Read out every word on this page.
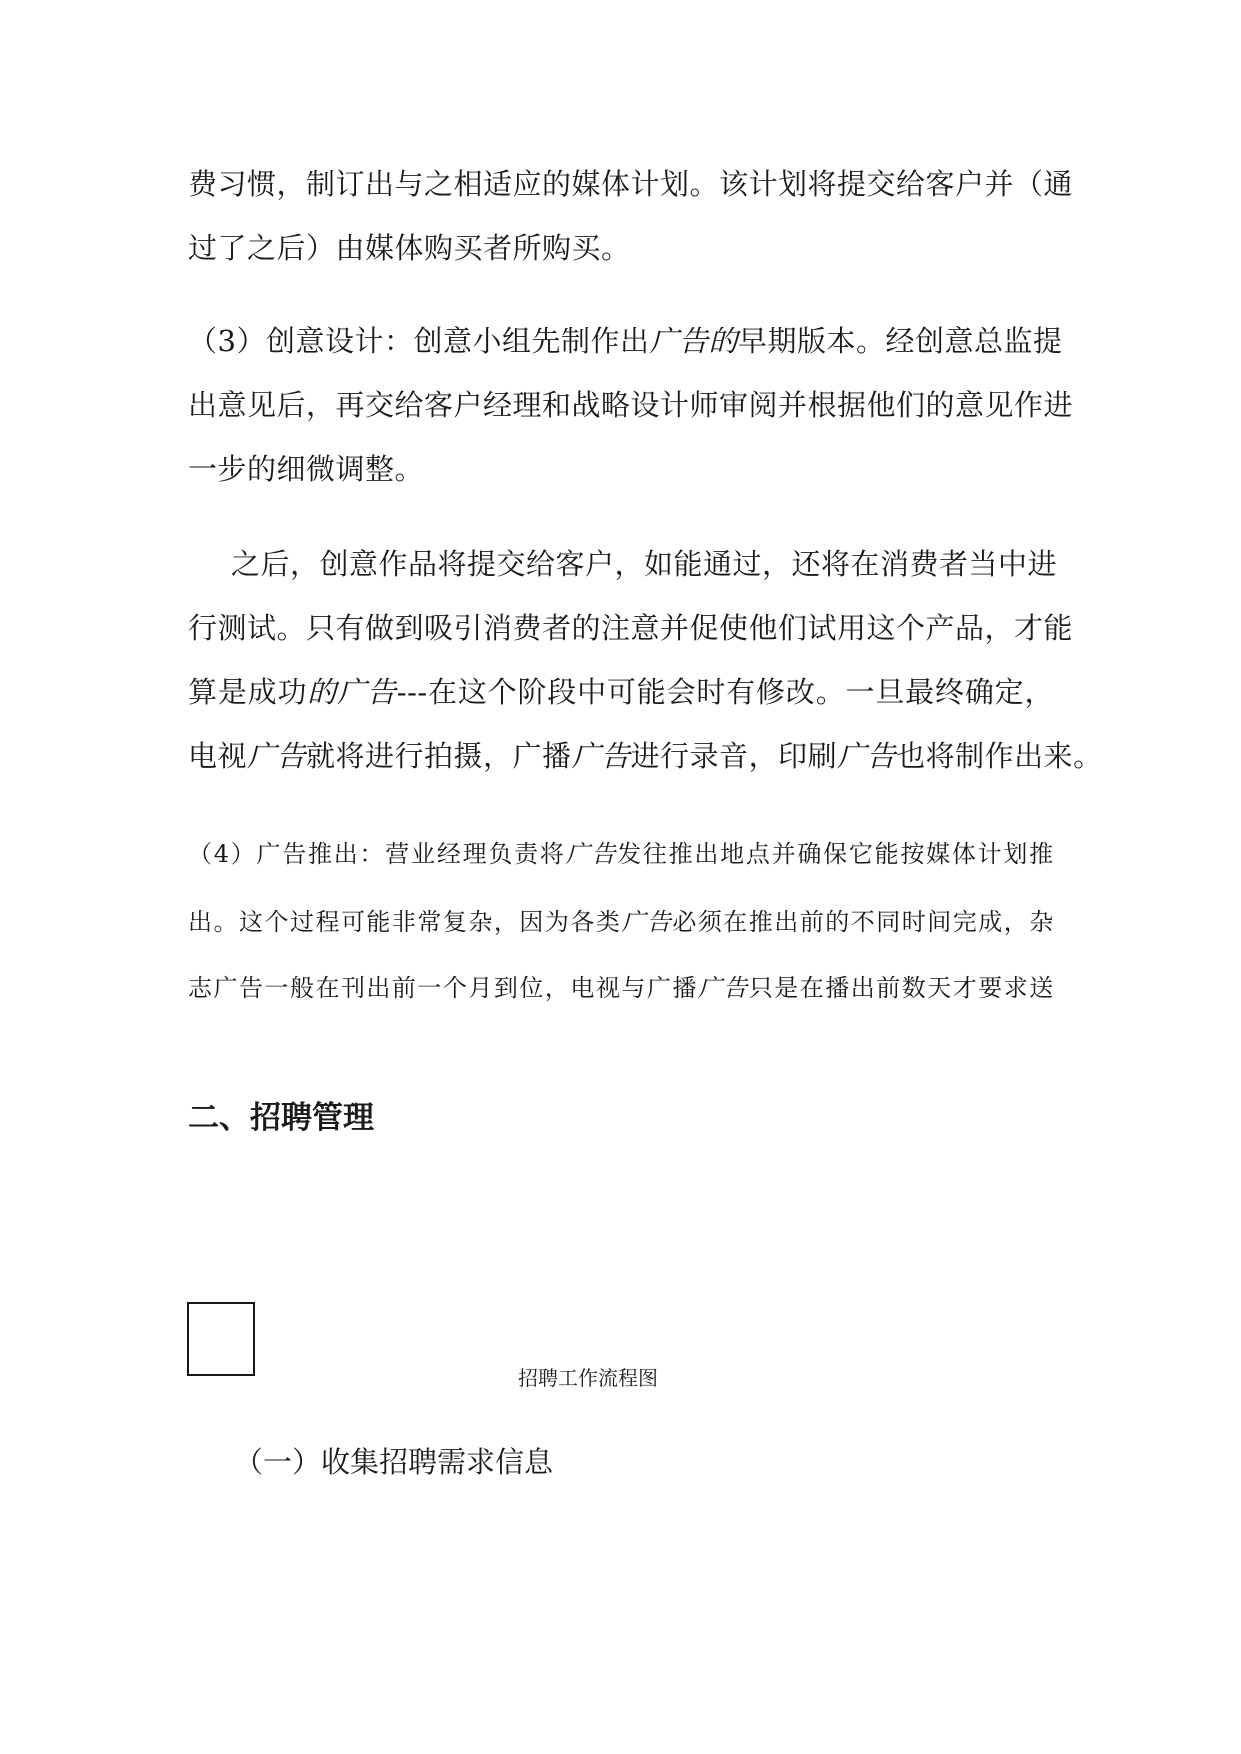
费习惯，制订出与之相适应的媒体计划。该计划将提交给客户并（通
过了之后）由媒体购买者所购买。
（3）创意设计：创意小组先制作出广告的早期版本。经创意总监提
出意见后，再交给客户经理和战略设计师审阅并根据他们的意见作进
一步的细微调整。
之后，创意作品将提交给客户，如能通过，还将在消费者当中进
行测试。只有做到吸引消费者的注意并促使他们试用这个产品，才能
算是成功的广告---在这个阶段中可能会时有修改。一旦最终确定，
电视广告就将进行拍摄，广播广告进行录音，印刷广告也将制作出来。
（4）广告推出：营业经理负责将广告发往推出地点并确保它能按媒体计划推
出。这个过程可能非常复杂，因为各类广告必须在推出前的不同时间完成，杂
志广告一般在刊出前一个月到位，电视与广播广告只是在播出前数天才要求送
二、招聘管理
招聘工作流程图
（一）收集招聘需求信息
